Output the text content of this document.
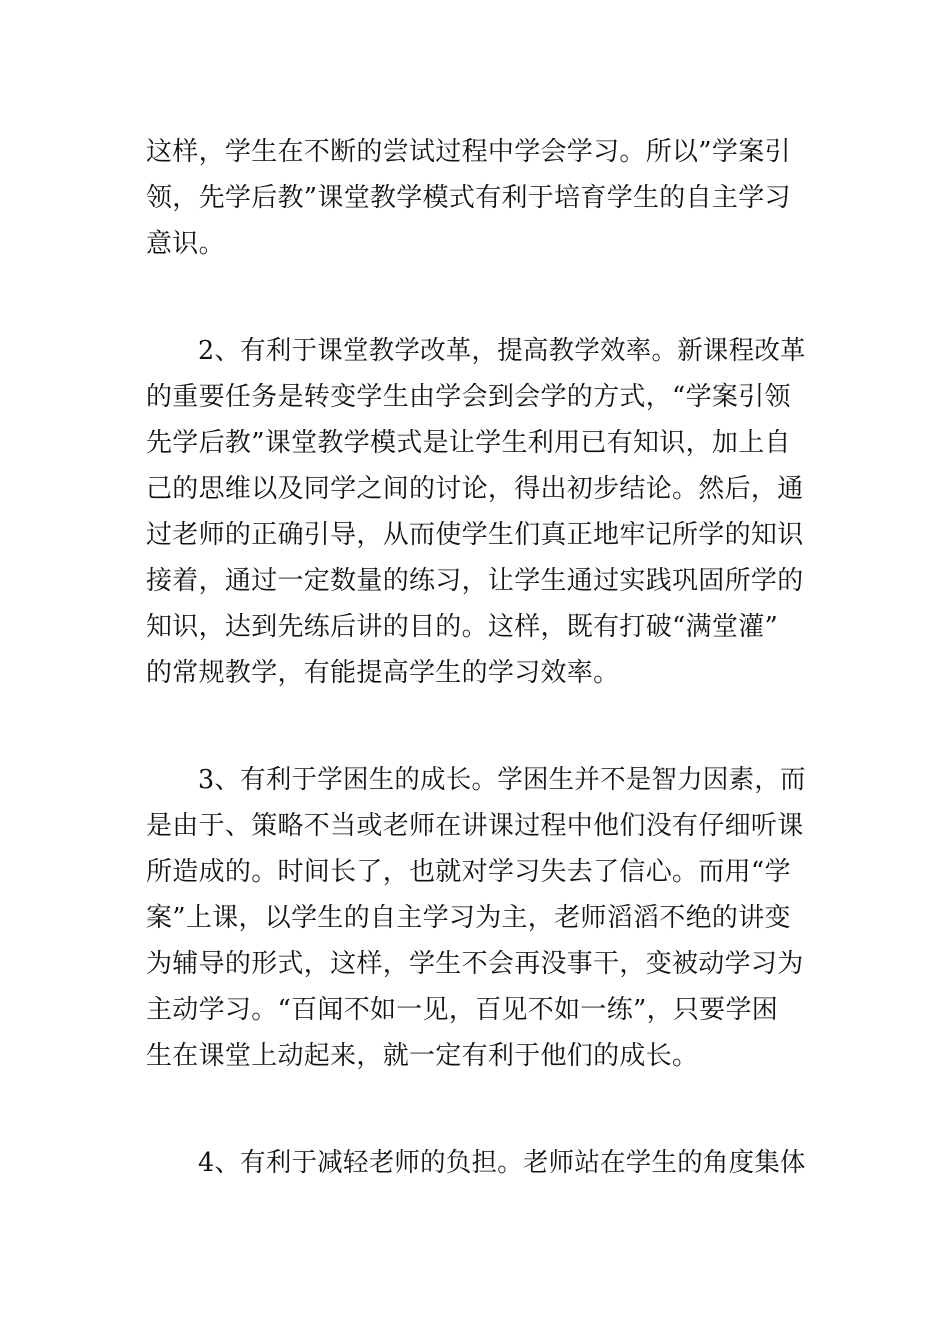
这样，学生在不断的尝试过程中学会学习。所以”学案引
领，先学后教”课堂教学模式有利于培育学生的自主学习
意识。
2、有利于课堂教学改革，提高教学效率。新课程改革
的重要任务是转变学生由学会到会学的方式，“学案引领
先学后教”课堂教学模式是让学生利用已有知识，加上自
己的思维以及同学之间的讨论，得出初步结论。然后，通
过老师的正确引导，从而使学生们真正地牢记所学的知识
接着，通过一定数量的练习，让学生通过实践巩固所学的
知识，达到先练后讲的目的。这样，既有打破“满堂灌”
的常规教学，有能提高学生的学习效率。
3、有利于学困生的成长。学困生并不是智力因素，而
是由于、策略不当或老师在讲课过程中他们没有仔细听课
所造成的。时间长了，也就对学习失去了信心。而用“学
案”上课，以学生的自主学习为主，老师滔滔不绝的讲变
为辅导的形式，这样，学生不会再没事干，变被动学习为
主动学习。“百闻不如一见，百见不如一练”，只要学困
生在课堂上动起来，就一定有利于他们的成长。
4、有利于减轻老师的负担。老师站在学生的角度集体
